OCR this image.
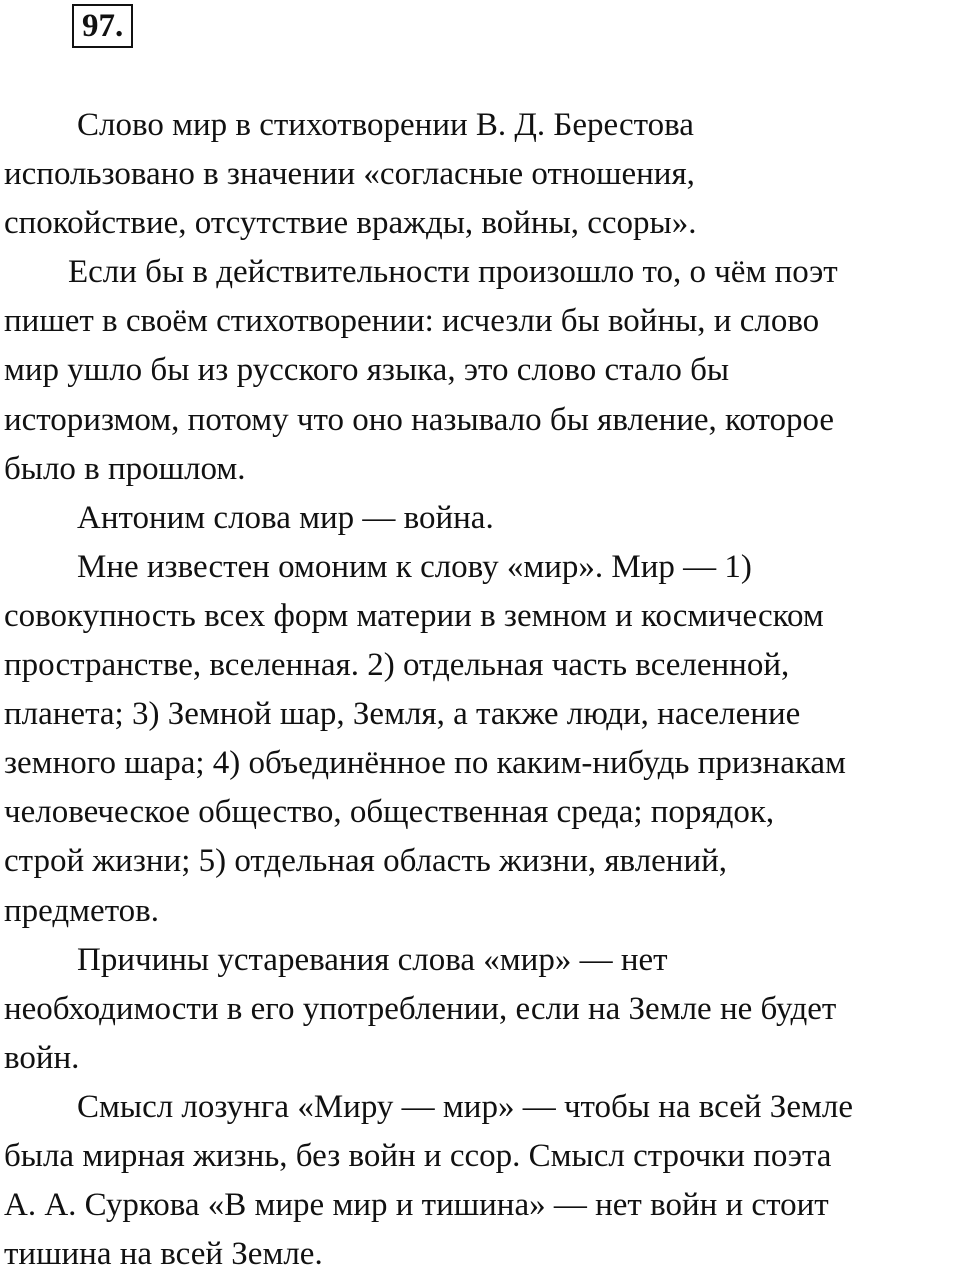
97.
Слово мир в стихотворении В. Д. Берестова
использовано в значении «согласные отношения,
спокойствие, отсутствие вражды, войны, ссоры».
Если бы в действительности произошло то, о чём поэт
пишет в своём стихотворении: исчезли бы войны, и слово
мир ушло бы из русского языка, это слово стало бы
историзмом, потому что оно называло бы явление, которое
было в прошлом.
Антоним слова мир — война.
Мне известен омоним к слову «мир». Мир — 1)
совокупность всех форм материи в земном и космическом
пространстве, вселенная. 2) отдельная часть вселенной,
планета; 3) Земной шар, Земля, а также люди, население
земного шара; 4) объединённое по каким-нибудь признакам
человеческое общество, общественная среда; порядок,
строй жизни; 5) отдельная область жизни, явлений,
предметов.
Причины устаревания слова «мир» — нет
необходимости в его употреблении, если на Земле не будет
войн.
Смысл лозунга «Миру — мир» — чтобы на всей Земле
была мирная жизнь, без войн и ссор. Смысл строчки поэта
А. А. Суркова «В мире мир и тишина» — нет войн и стоит
тишина на всей Земле.
